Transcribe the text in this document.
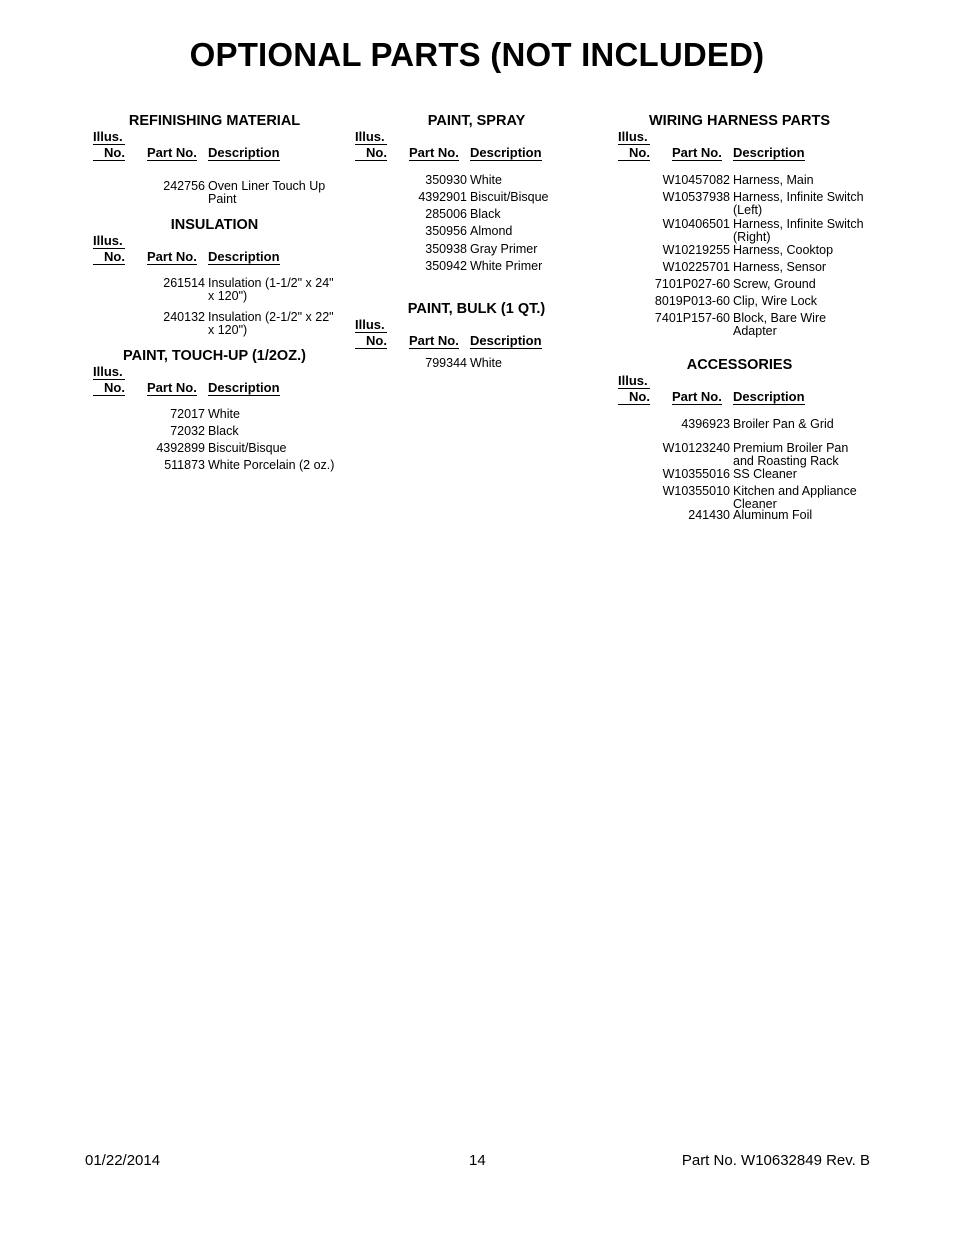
OPTIONAL PARTS (NOT INCLUDED)
REFINISHING MATERIAL
Illus.
No. Part No. Description
242756 Oven Liner Touch Up Paint
INSULATION
Illus.
No. Part No. Description
261514 Insulation (1-1/2" x 24" x 120")
240132 Insulation (2-1/2" x 22" x 120")
PAINT, TOUCH-UP (1/2OZ.)
Illus.
No. Part No. Description
72017 White
72032 Black
4392899 Biscuit/Bisque
511873 White Porcelain (2 oz.)
PAINT, SPRAY
Illus.
No. Part No. Description
350930 White
4392901 Biscuit/Bisque
285006 Black
350956 Almond
350938 Gray Primer
350942 White Primer
PAINT, BULK (1 QT.)
Illus.
No. Part No. Description
799344 White
WIRING HARNESS PARTS
Illus.
No. Part No. Description
W10457082 Harness, Main
W10537938 Harness, Infinite Switch (Left)
W10406501 Harness, Infinite Switch (Right)
W10219255 Harness, Cooktop
W10225701 Harness, Sensor
7101P027-60 Screw, Ground
8019P013-60 Clip, Wire Lock
7401P157-60 Block, Bare Wire Adapter
ACCESSORIES
Illus.
No. Part No. Description
4396923 Broiler Pan & Grid
W10123240 Premium Broiler Pan and Roasting Rack
W10355016 SS Cleaner
W10355010 Kitchen and Appliance Cleaner
241430 Aluminum Foil
01/22/2014	14	Part No. W10632849 Rev. B
